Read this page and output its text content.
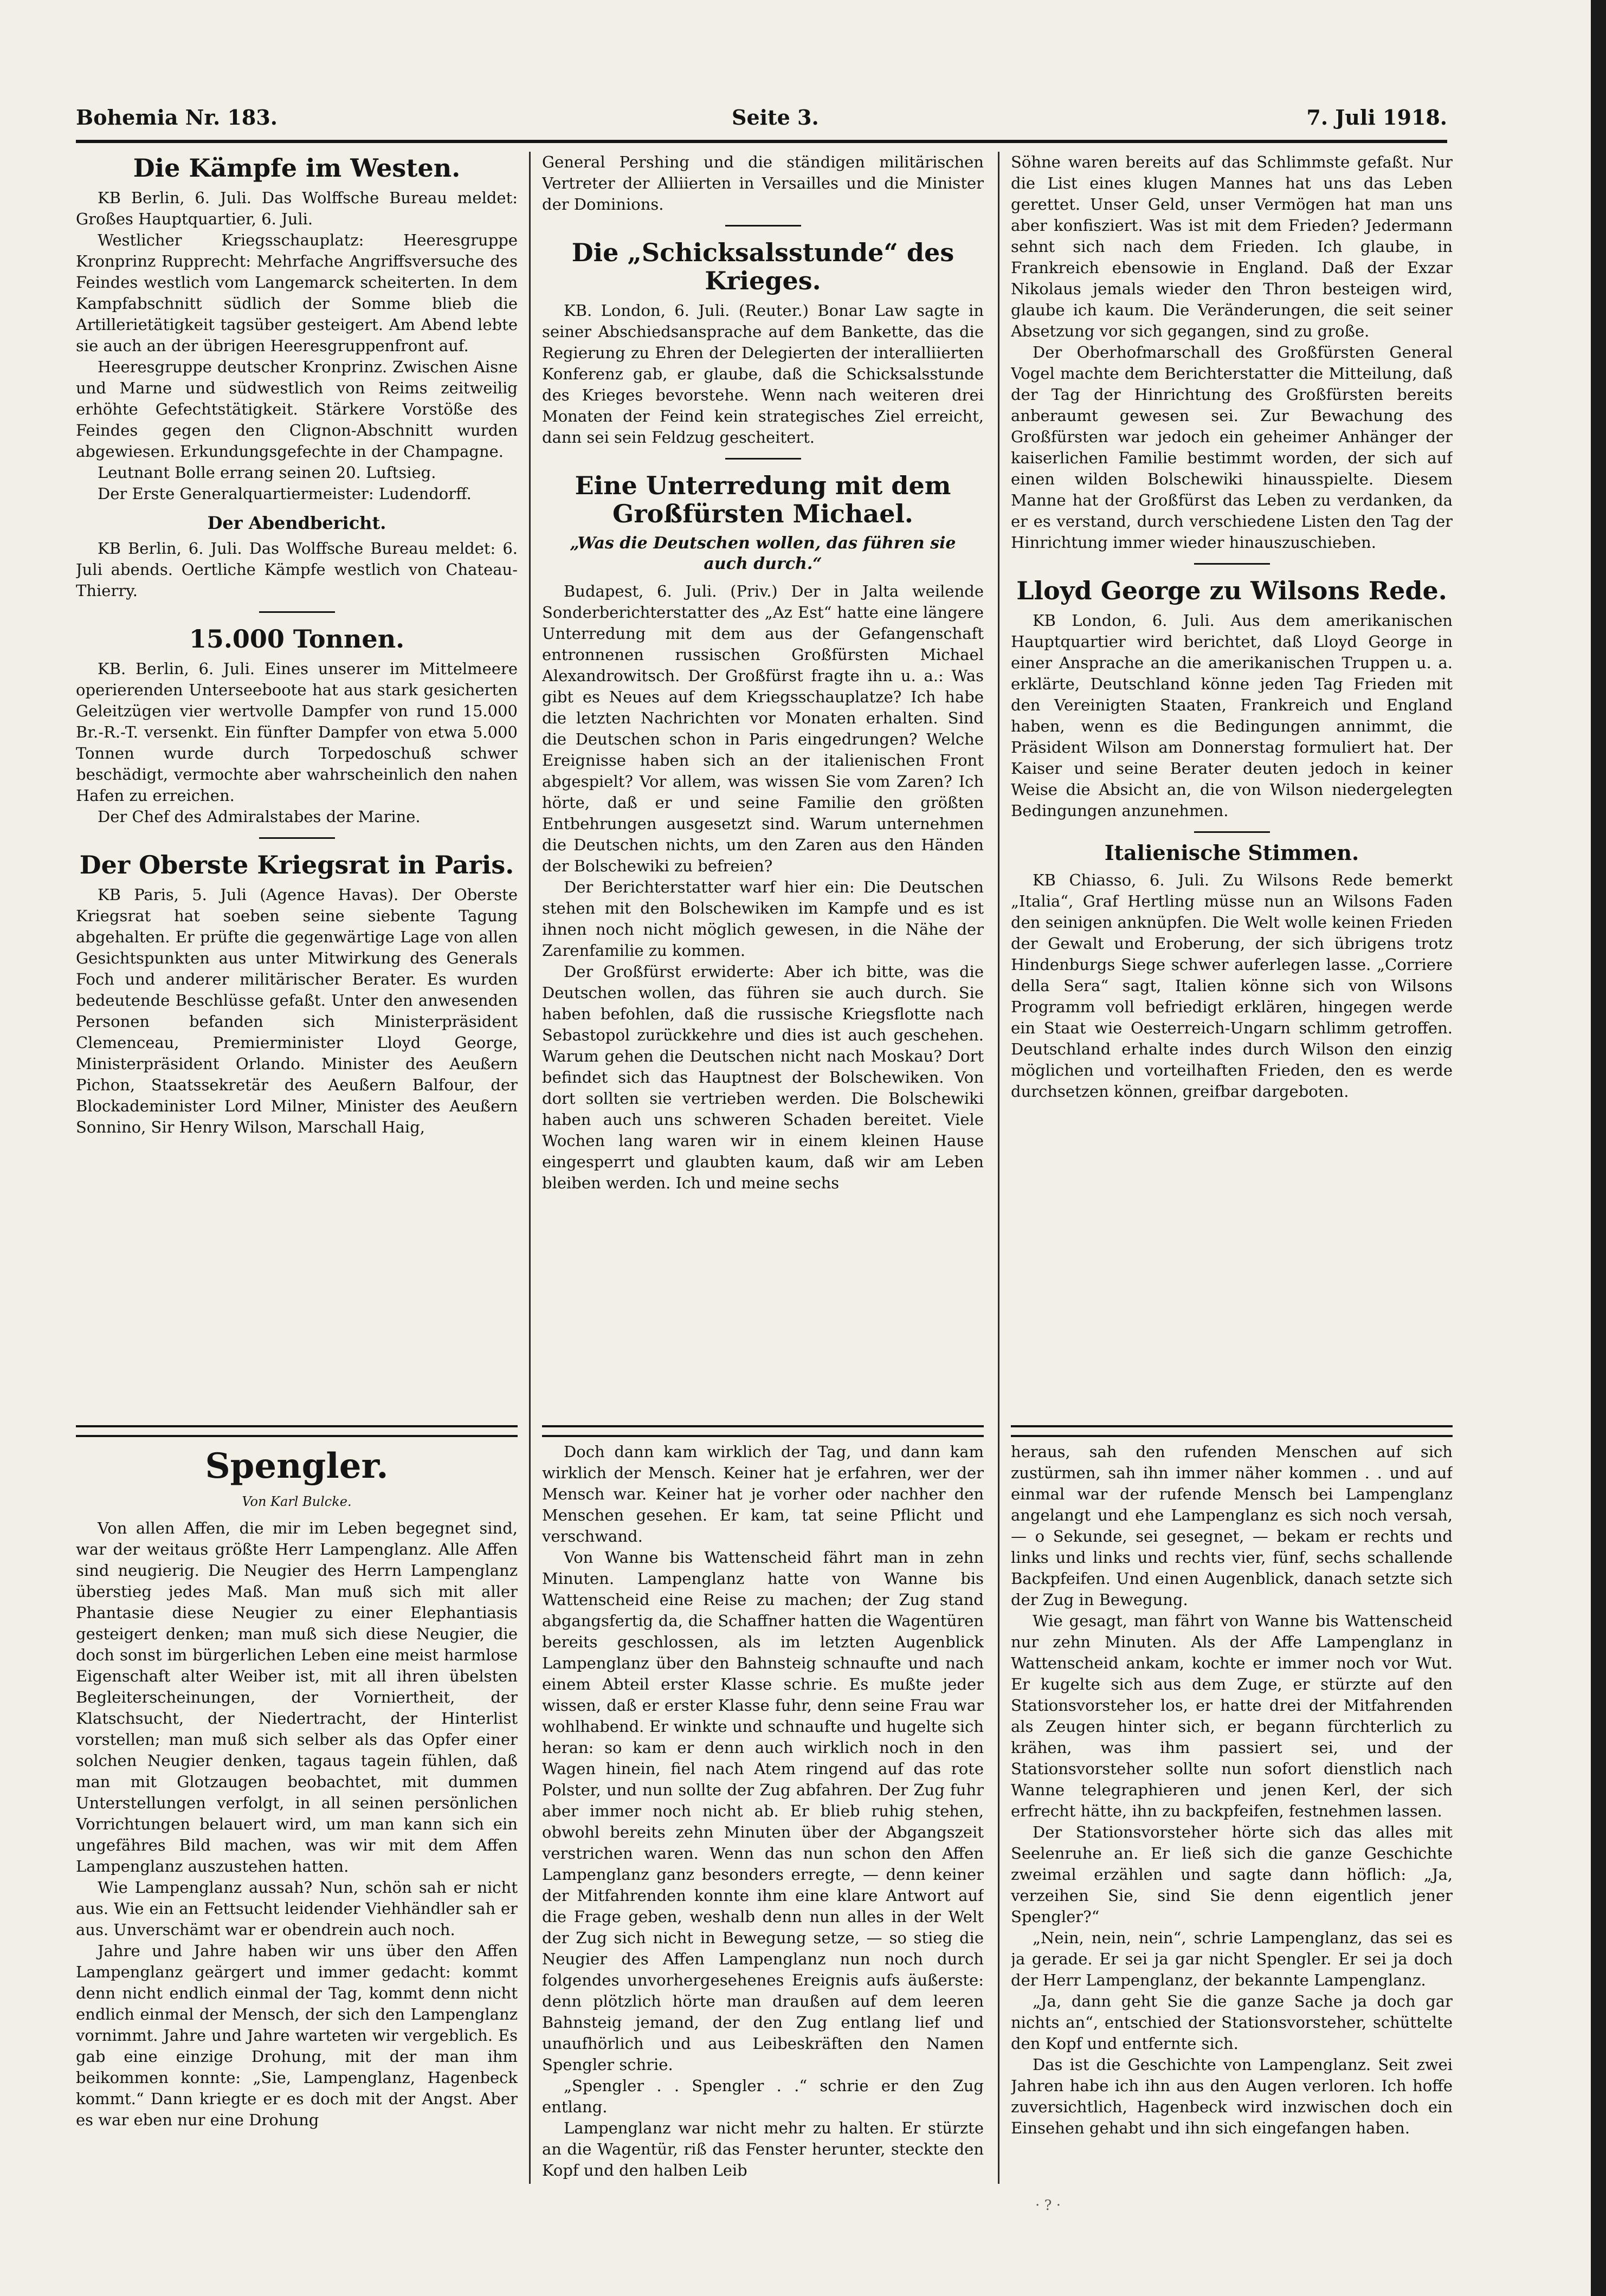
Bohemia Nr. 183.	Seite 3.	7. Juli 1918.
Die Kämpfe im Westen.

KB Berlin, 6. Juli. Das Wolffsche Bureau meldet: Großes Hauptquartier, 6. Juli.

Westlicher Kriegsschauplatz: Heeresgruppe Kronprinz Rupprecht: Mehrfache Angriffsversuche des Feindes westlich vom Langemarck scheiterten. In dem Kampfabschnitt südlich der Somme blieb die Artillerietätigkeit tagsüber gesteigert. Am Abend lebte sie auch an der übrigen Heeresgruppenfront auf.

Heeresgruppe deutscher Kronprinz. Zwischen Aisne und Marne und südwestlich von Reims zeitweilig erhöhte Gefechtstätigkeit. Stärkere Vorstöße des Feindes gegen den Clignon-Abschnitt wurden abgewiesen. Erkundungsgefechte in der Champagne.

Leutnant Bolle errang seinen 20. Luftsieg.

Der Erste Generalquartiermeister: Ludendorff.

Der Abendbericht.

KB Berlin, 6. Juli. Das Wolffsche Bureau meldet: 6. Juli abends. Oertliche Kämpfe westlich von Chateau-Thierry.

15.000 Tonnen.

KB. Berlin, 6. Juli. Eines unserer im Mittelmeere operierenden Unterseeboote hat aus stark gesicherten Geleitzügen vier wertvolle Dampfer von rund 15.000 Br.-R.-T. versenkt. Ein fünfter Dampfer von etwa 5.000 Tonnen wurde durch Torpedoschuß schwer beschädigt, vermochte aber wahrscheinlich den nahen Hafen zu erreichen.

Der Chef des Admiralstabes der Marine.

Der Oberste Kriegsrat in Paris.

KB Paris, 5. Juli (Agence Havas). Der Oberste Kriegsrat hat soeben seine siebente Tagung abgehalten. Er prüfte die gegenwärtige Lage von allen Gesichtspunkten aus unter Mitwirkung des Generals Foch und anderer militärischer Berater. Es wurden bedeutende Beschlüsse gefaßt. Unter den anwesenden Personen befanden sich Ministerpräsident Clemenceau, Premierminister Lloyd George, Ministerpräsident Orlando. Minister des Aeußern Pichon, Staatssekretär des Aeußern Balfour, der Blockademinister Lord Milner, Minister des Aeußern Sonnino, Sir Henry Wilson, Marschall Haig,

General Pershing und die ständigen militärischen Vertreter der Alliierten in Versailles und die Minister der Dominions.

Die „Schicksalsstunde“ des Krieges.

KB. London, 6. Juli. (Reuter.) Bonar Law sagte in seiner Abschiedsansprache auf dem Bankette, das die Regierung zu Ehren der Delegierten der interalliierten Konferenz gab, er glaube, daß die Schicksalsstunde des Krieges bevorstehe. Wenn nach weiteren drei Monaten der Feind kein strategisches Ziel erreicht, dann sei sein Feldzug gescheitert.

Eine Unterredung mit dem Großfürsten Michael.
„Was die Deutschen wollen, das führen sie auch durch.“

Budapest, 6. Juli. (Priv.) Der in Jalta weilende Sonderberichterstatter des „Az Est“ hatte eine längere Unterredung mit dem aus der Gefangenschaft entronnenen russischen Großfürsten Michael Alexandrowitsch. Der Großfürst fragte ihn u. a.: Was gibt es Neues auf dem Kriegsschauplatze? Ich habe die letzten Nachrichten vor Monaten erhalten. Sind die Deutschen schon in Paris eingedrungen? Welche Ereignisse haben sich an der italienischen Front abgespielt? Vor allem, was wissen Sie vom Zaren? Ich hörte, daß er und seine Familie den größten Entbehrungen ausgesetzt sind. Warum unternehmen die Deutschen nichts, um den Zaren aus den Händen der Bolschewiki zu befreien?

Der Berichterstatter warf hier ein: Die Deutschen stehen mit den Bolschewiken im Kampfe und es ist ihnen noch nicht möglich gewesen, in die Nähe der Zarenfamilie zu kommen.

Der Großfürst erwiderte: Aber ich bitte, was die Deutschen wollen, das führen sie auch durch. Sie haben befohlen, daß die russische Kriegsflotte nach Sebastopol zurückkehre und dies ist auch geschehen. Warum gehen die Deutschen nicht nach Moskau? Dort befindet sich das Hauptnest der Bolschewiken. Von dort sollten sie vertrieben werden. Die Bolschewiki haben auch uns schweren Schaden bereitet. Viele Wochen lang waren wir in einem kleinen Hause eingesperrt und glaubten kaum, daß wir am Leben bleiben werden. Ich und meine sechs

Söhne waren bereits auf das Schlimmste gefaßt. Nur die List eines klugen Mannes hat uns das Leben gerettet. Unser Geld, unser Vermögen hat man uns aber konfisziert. Was ist mit dem Frieden? Jedermann sehnt sich nach dem Frieden. Ich glaube, in Frankreich ebensowie in England. Daß der Exzar Nikolaus jemals wieder den Thron besteigen wird, glaube ich kaum. Die Veränderungen, die seit seiner Absetzung vor sich gegangen, sind zu große.

Der Oberhofmarschall des Großfürsten General Vogel machte dem Berichterstatter die Mitteilung, daß der Tag der Hinrichtung des Großfürsten bereits anberaumt gewesen sei. Zur Bewachung des Großfürsten war jedoch ein geheimer Anhänger der kaiserlichen Familie bestimmt worden, der sich auf einen wilden Bolschewiki hinausspielte. Diesem Manne hat der Großfürst das Leben zu verdanken, da er es verstand, durch verschiedene Listen den Tag der Hinrichtung immer wieder hinauszuschieben.

Lloyd George zu Wilsons Rede.

KB London, 6. Juli. Aus dem amerikanischen Hauptquartier wird berichtet, daß Lloyd George in einer Ansprache an die amerikanischen Truppen u. a. erklärte, Deutschland könne jeden Tag Frieden mit den Vereinigten Staaten, Frankreich und England haben, wenn es die Bedingungen annimmt, die Präsident Wilson am Donnerstag formuliert hat. Der Kaiser und seine Berater deuten jedoch in keiner Weise die Absicht an, die von Wilson niedergelegten Bedingungen anzunehmen.

Italienische Stimmen.

KB Chiasso, 6. Juli. Zu Wilsons Rede bemerkt „Italia“, Graf Hertling müsse nun an Wilsons Faden den seinigen anknüpfen. Die Welt wolle keinen Frieden der Gewalt und Eroberung, der sich übrigens trotz Hindenburgs Siege schwer auferlegen lasse. „Corriere della Sera“ sagt, Italien könne sich von Wilsons Programm voll befriedigt erklären, hingegen werde ein Staat wie Oesterreich-Ungarn schlimm getroffen. Deutschland erhalte indes durch Wilson den einzig möglichen und vorteilhaften Frieden, den es werde durchsetzen können, greifbar dargeboten.

Spengler.
Von Karl Bulcke.

Von allen Affen, die mir im Leben begegnet sind, war der weitaus größte Herr Lampenglanz. Alle Affen sind neugierig. Die Neugier des Herrn Lampenglanz überstieg jedes Maß. Man muß sich mit aller Phantasie diese Neugier zu einer Elephantiasis gesteigert denken; man muß sich diese Neugier, die doch sonst im bürgerlichen Leben eine meist harmlose Eigenschaft alter Weiber ist, mit all ihren übelsten Begleiterscheinungen, der Vorniertheit, der Klatschsucht, der Niedertracht, der Hinterlist vorstellen; man muß sich selber als das Opfer einer solchen Neugier denken, tagaus tagein fühlen, daß man mit Glotzaugen beobachtet, mit dummen Unterstellungen verfolgt, in all seinen persönlichen Vorrichtungen belauert wird, um man kann sich ein ungefähres Bild machen, was wir mit dem Affen Lampenglanz auszustehen hatten.

Wie Lampenglanz aussah? Nun, schön sah er nicht aus. Wie ein an Fettsucht leidender Viehhändler sah er aus. Unverschämt war er obendrein auch noch.

Jahre und Jahre haben wir uns über den Affen Lampenglanz geärgert und immer gedacht: kommt denn nicht endlich einmal der Tag, kommt denn nicht endlich einmal der Mensch, der sich den Lampenglanz vornimmt. Jahre und Jahre warteten wir vergeblich. Es gab eine einzige Drohung, mit der man ihm beikommen konnte: „Sie, Lampenglanz, Hagenbeck kommt.“ Dann kriegte er es doch mit der Angst. Aber es war eben nur eine Drohung

Doch dann kam wirklich der Tag, und dann kam wirklich der Mensch. Keiner hat je erfahren, wer der Mensch war. Keiner hat je vorher oder nachher den Menschen gesehen. Er kam, tat seine Pflicht und verschwand.

Von Wanne bis Wattenscheid fährt man in zehn Minuten. Lampenglanz hatte von Wanne bis Wattenscheid eine Reise zu machen; der Zug stand abgangsfertig da, die Schaffner hatten die Wagentüren bereits geschlossen, als im letzten Augenblick Lampenglanz über den Bahnsteig schnaufte und nach einem Abteil erster Klasse schrie. Es mußte jeder wissen, daß er erster Klasse fuhr, denn seine Frau war wohlhabend. Er winkte und schnaufte und hugelte sich heran: so kam er denn auch wirklich noch in den Wagen hinein, fiel nach Atem ringend auf das rote Polster, und nun sollte der Zug abfahren. Der Zug fuhr aber immer noch nicht ab. Er blieb ruhig stehen, obwohl bereits zehn Minuten über der Abgangszeit verstrichen waren. Wenn das nun schon den Affen Lampenglanz ganz besonders erregte, — denn keiner der Mitfahrenden konnte ihm eine klare Antwort auf die Frage geben, weshalb denn nun alles in der Welt der Zug sich nicht in Bewegung setze, — so stieg die Neugier des Affen Lampenglanz nun noch durch folgendes unvorhergesehenes Ereignis aufs äußerste: denn plötzlich hörte man draußen auf dem leeren Bahnsteig jemand, der den Zug entlang lief und unaufhörlich und aus Leibeskräften den Namen Spengler schrie.

„Spengler . . Spengler . .“ schrie er den Zug entlang.

Lampenglanz war nicht mehr zu halten. Er stürzte an die Wagentür, riß das Fenster herunter, steckte den Kopf und den halben Leib

heraus, sah den rufenden Menschen auf sich zustürmen, sah ihn immer näher kommen . . und auf einmal war der rufende Mensch bei Lampenglanz angelangt und ehe Lampenglanz es sich noch versah, — o Sekunde, sei gesegnet, — bekam er rechts und links und links und rechts vier, fünf, sechs schallende Backpfeifen. Und einen Augenblick, danach setzte sich der Zug in Bewegung.

Wie gesagt, man fährt von Wanne bis Wattenscheid nur zehn Minuten. Als der Affe Lampenglanz in Wattenscheid ankam, kochte er immer noch vor Wut. Er kugelte sich aus dem Zuge, er stürzte auf den Stationsvorsteher los, er hatte drei der Mitfahrenden als Zeugen hinter sich, er begann fürchterlich zu krähen, was ihm passiert sei, und der Stationsvorsteher sollte nun sofort dienstlich nach Wanne telegraphieren und jenen Kerl, der sich erfrecht hätte, ihn zu backpfeifen, festnehmen lassen.

Der Stationsvorsteher hörte sich das alles mit Seelenruhe an. Er ließ sich die ganze Geschichte zweimal erzählen und sagte dann höflich: „Ja, verzeihen Sie, sind Sie denn eigentlich jener Spengler?“

„Nein, nein, nein“, schrie Lampenglanz, das sei es ja gerade. Er sei ja gar nicht Spengler. Er sei ja doch der Herr Lampenglanz, der bekannte Lampenglanz.

„Ja, dann geht Sie die ganze Sache ja doch gar nichts an“, entschied der Stationsvorsteher, schüttelte den Kopf und entfernte sich.

Das ist die Geschichte von Lampenglanz. Seit zwei Jahren habe ich ihn aus den Augen verloren. Ich hoffe zuversichtlich, Hagenbeck wird inzwischen doch ein Einsehen gehabt und ihn sich eingefangen haben.

· ? ·
